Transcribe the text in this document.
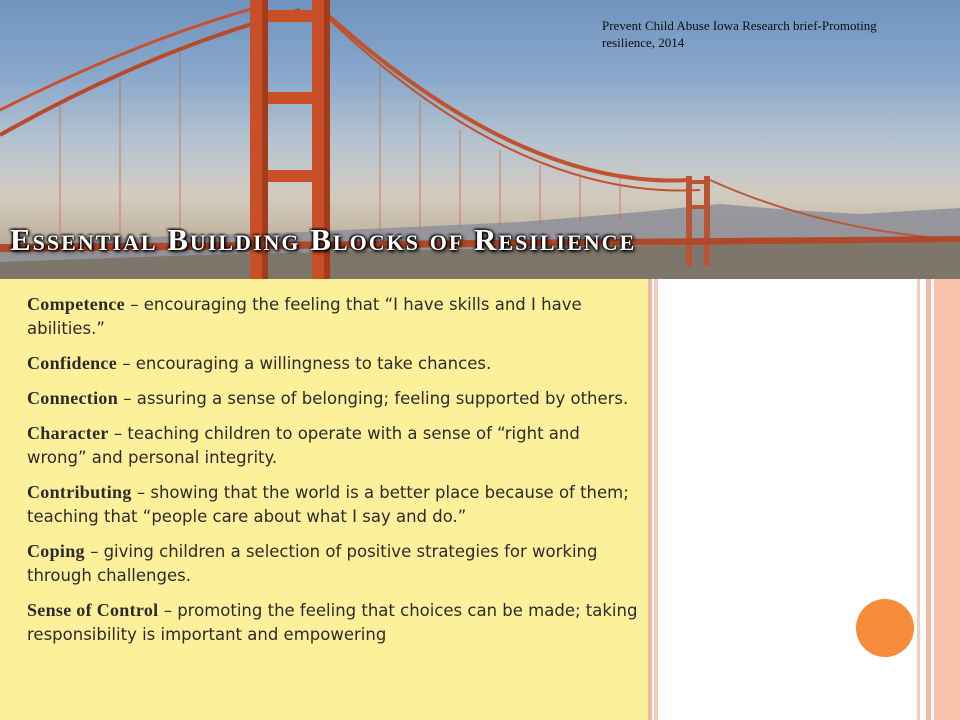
Prevent Child Abuse Iowa Research brief-Promoting resilience, 2014
Essential Building Blocks of Resilience

Competence – encouraging the feeling that “I have skills and I have abilities.”

Confidence – encouraging a willingness to take chances.

Connection – assuring a sense of belonging; feeling supported by others.

Character – teaching children to operate with a sense of “right and wrong” and personal integrity.

Contributing – showing that the world is a better place because of them; teaching that “people care about what I say and do.”

Coping – giving children a selection of positive strategies for working through challenges.

Sense of Control – promoting the feeling that choices can be made; taking responsibility is important and empowering
